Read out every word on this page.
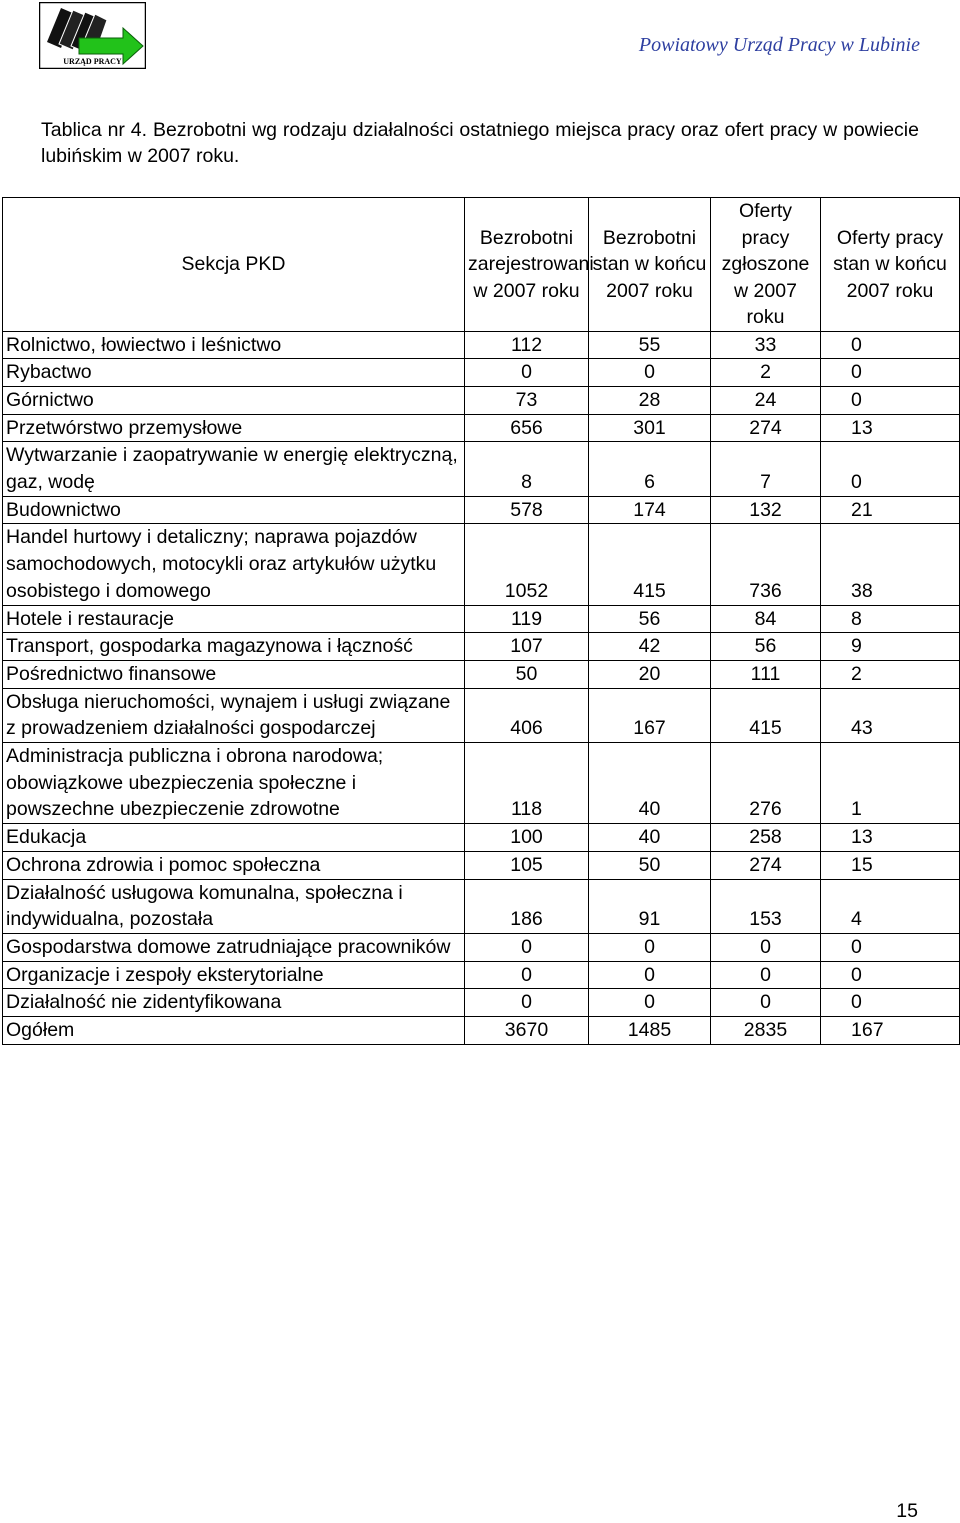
URZĄD PRACY
Powiatowy Urząd Pracy w Lubinie
Tablica nr 4. Bezrobotni wg rodzaju działalności ostatniego miejsca pracy oraz ofert pracy w powiecie lubińskim w 2007 roku.
Sekcja PKD	Bezrobotni zarejestrowani w 2007 roku	Bezrobotni stan w końcu 2007 roku	Oferty pracy zgłoszone w 2007 roku	Oferty pracy stan w końcu 2007 roku
Rolnictwo, łowiectwo i leśnictwo	112	55	33	0
Rybactwo	0	0	2	0
Górnictwo	73	28	24	0
Przetwórstwo przemysłowe	656	301	274	13
Wytwarzanie i zaopatrywanie w energię elektryczną, gaz, wodę	8	6	7	0
Budownictwo	578	174	132	21
Handel hurtowy i detaliczny; naprawa pojazdów samochodowych, motocykli oraz artykułów użytku osobistego i domowego	1052	415	736	38
Hotele i restauracje	119	56	84	8
Transport, gospodarka magazynowa i łączność	107	42	56	9
Pośrednictwo finansowe	50	20	111	2
Obsługa nieruchomości, wynajem i usługi związane z prowadzeniem działalności gospodarczej	406	167	415	43
Administracja publiczna i obrona narodowa; obowiązkowe ubezpieczenia społeczne i powszechne ubezpieczenie zdrowotne	118	40	276	1
Edukacja	100	40	258	13
Ochrona zdrowia i pomoc społeczna	105	50	274	15
Działalność usługowa komunalna, społeczna i indywidualna, pozostała	186	91	153	4
Gospodarstwa domowe zatrudniające pracowników	0	0	0	0
Organizacje i zespoły eksterytorialne	0	0	0	0
Działalność nie zidentyfikowana	0	0	0	0
Ogółem	3670	1485	2835	167
15
